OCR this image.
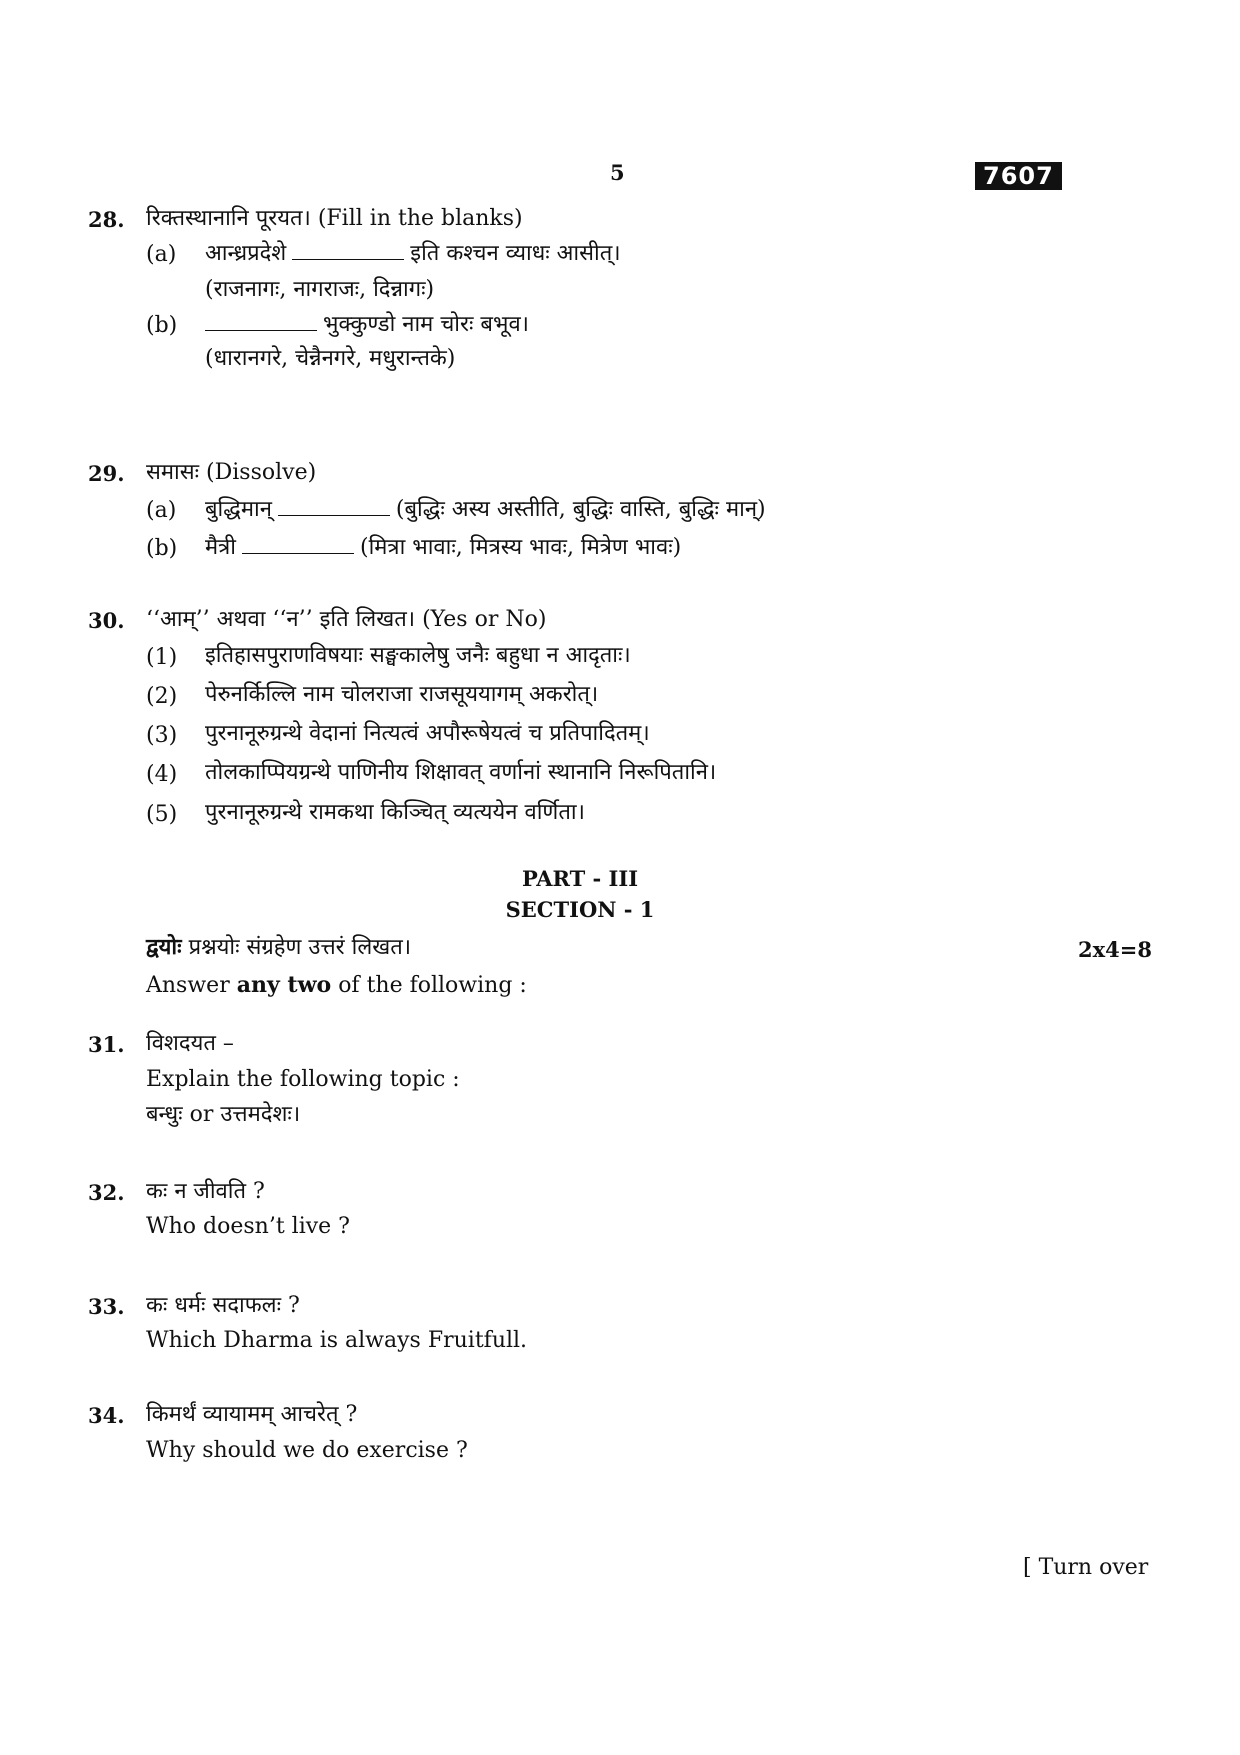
5	7607
28. रिक्तस्थानानि पूरयत। (Fill in the blanks)
(a) आन्ध्रप्रदेशे	इति कश्चन व्याधः आसीत्।
(राजनागः, नागराजः, दिन्नागः)
(b)	भुक्कुण्डो नाम चोरः बभूव।
(धारानगरे, चेन्नैनगरे, मधुरान्तके)
29. समासः (Dissolve)
(a) बुद्धिमान्	(बुद्धिः अस्य अस्तीति, बुद्धिः वास्ति, बुद्धिः मान्)
(b) मैत्री	(मित्रा भावाः, मित्रस्य भावः, मित्रेण भावः)
30. ‘‘आम्’’ अथवा ‘‘न’’ इति लिखत। (Yes or No)
(1) इतिहासपुराणविषयाः सङ्घकालेषु जनैः बहुधा न आदृताः।
(2) पेरुनर्किल्लि नाम चोलराजा राजसूययागम् अकरोत्।
(3) पुरनानूरुग्रन्थे वेदानां नित्यत्वं अपौरूषेयत्वं च प्रतिपादितम्।
(4) तोलकाप्पियग्रन्थे पाणिनीय शिक्षावत् वर्णानां स्थानानि निरूपितानि।
(5) पुरनानूरुग्रन्थे रामकथा किञ्चित् व्यत्ययेन वर्णिता।
PART - III
SECTION - 1
द्वयोः प्रश्नयोः संग्रहेण उत्तरं लिखत।	2x4=8
Answer any two of the following :
31. विशदयत –
Explain the following topic :
बन्धुः or उत्तमदेशः।
32. कः न जीवति ?
Who doesn’t live ?
33. कः धर्मः सदाफलः ?
Which Dharma is always Fruitfull.
34. किमर्थं व्यायामम् आचरेत् ?
Why should we do exercise ?
[ Turn over
